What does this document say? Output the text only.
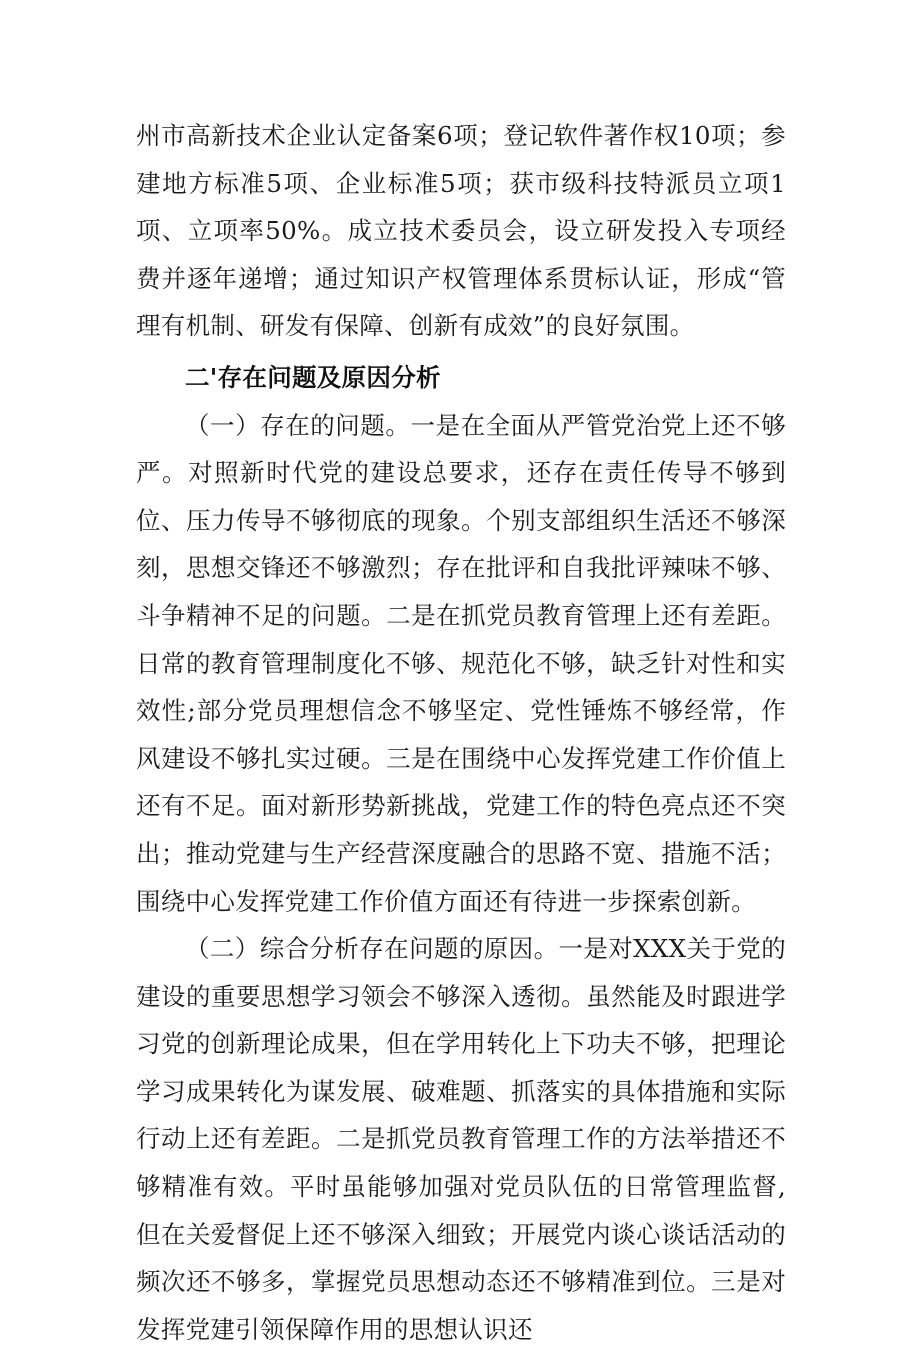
州市高新技术企业认定备案6项；登记软件著作权10项；参建地方标准5项、企业标准5项；获市级科技特派员立项1项、立项率50%。成立技术委员会，设立研发投入专项经费并逐年递增；通过知识产权管理体系贯标认证，形成“管理有机制、研发有保障、创新有成效”的良好氛围。

二'存在问题及原因分析

（一）存在的问题。一是在全面从严管党治党上还不够严。对照新时代党的建设总要求，还存在责任传导不够到位、压力传导不够彻底的现象。个别支部组织生活还不够深刻，思想交锋还不够激烈；存在批评和自我批评辣味不够、斗争精神不足的问题。二是在抓党员教育管理上还有差距。日常的教育管理制度化不够、规范化不够，缺乏针对性和实效性;部分党员理想信念不够坚定、党性锤炼不够经常，作风建设不够扎实过硬。三是在围绕中心发挥党建工作价值上还有不足。面对新形势新挑战，党建工作的特色亮点还不突出；推动党建与生产经营深度融合的思路不宽、措施不活；围绕中心发挥党建工作价值方面还有待进一步探索创新。

（二）综合分析存在问题的原因。一是对XXX关于党的建设的重要思想学习领会不够深入透彻。虽然能及时跟进学习党的创新理论成果，但在学用转化上下功夫不够，把理论学习成果转化为谋发展、破难题、抓落实的具体措施和实际行动上还有差距。二是抓党员教育管理工作的方法举措还不够精准有效。平时虽能够加强对党员队伍的日常管理监督,但在关爱督促上还不够深入细致；开展党内谈心谈话活动的频次还不够多，掌握党员思想动态还不够精准到位。三是对发挥党建引领保障作用的思想认识还
